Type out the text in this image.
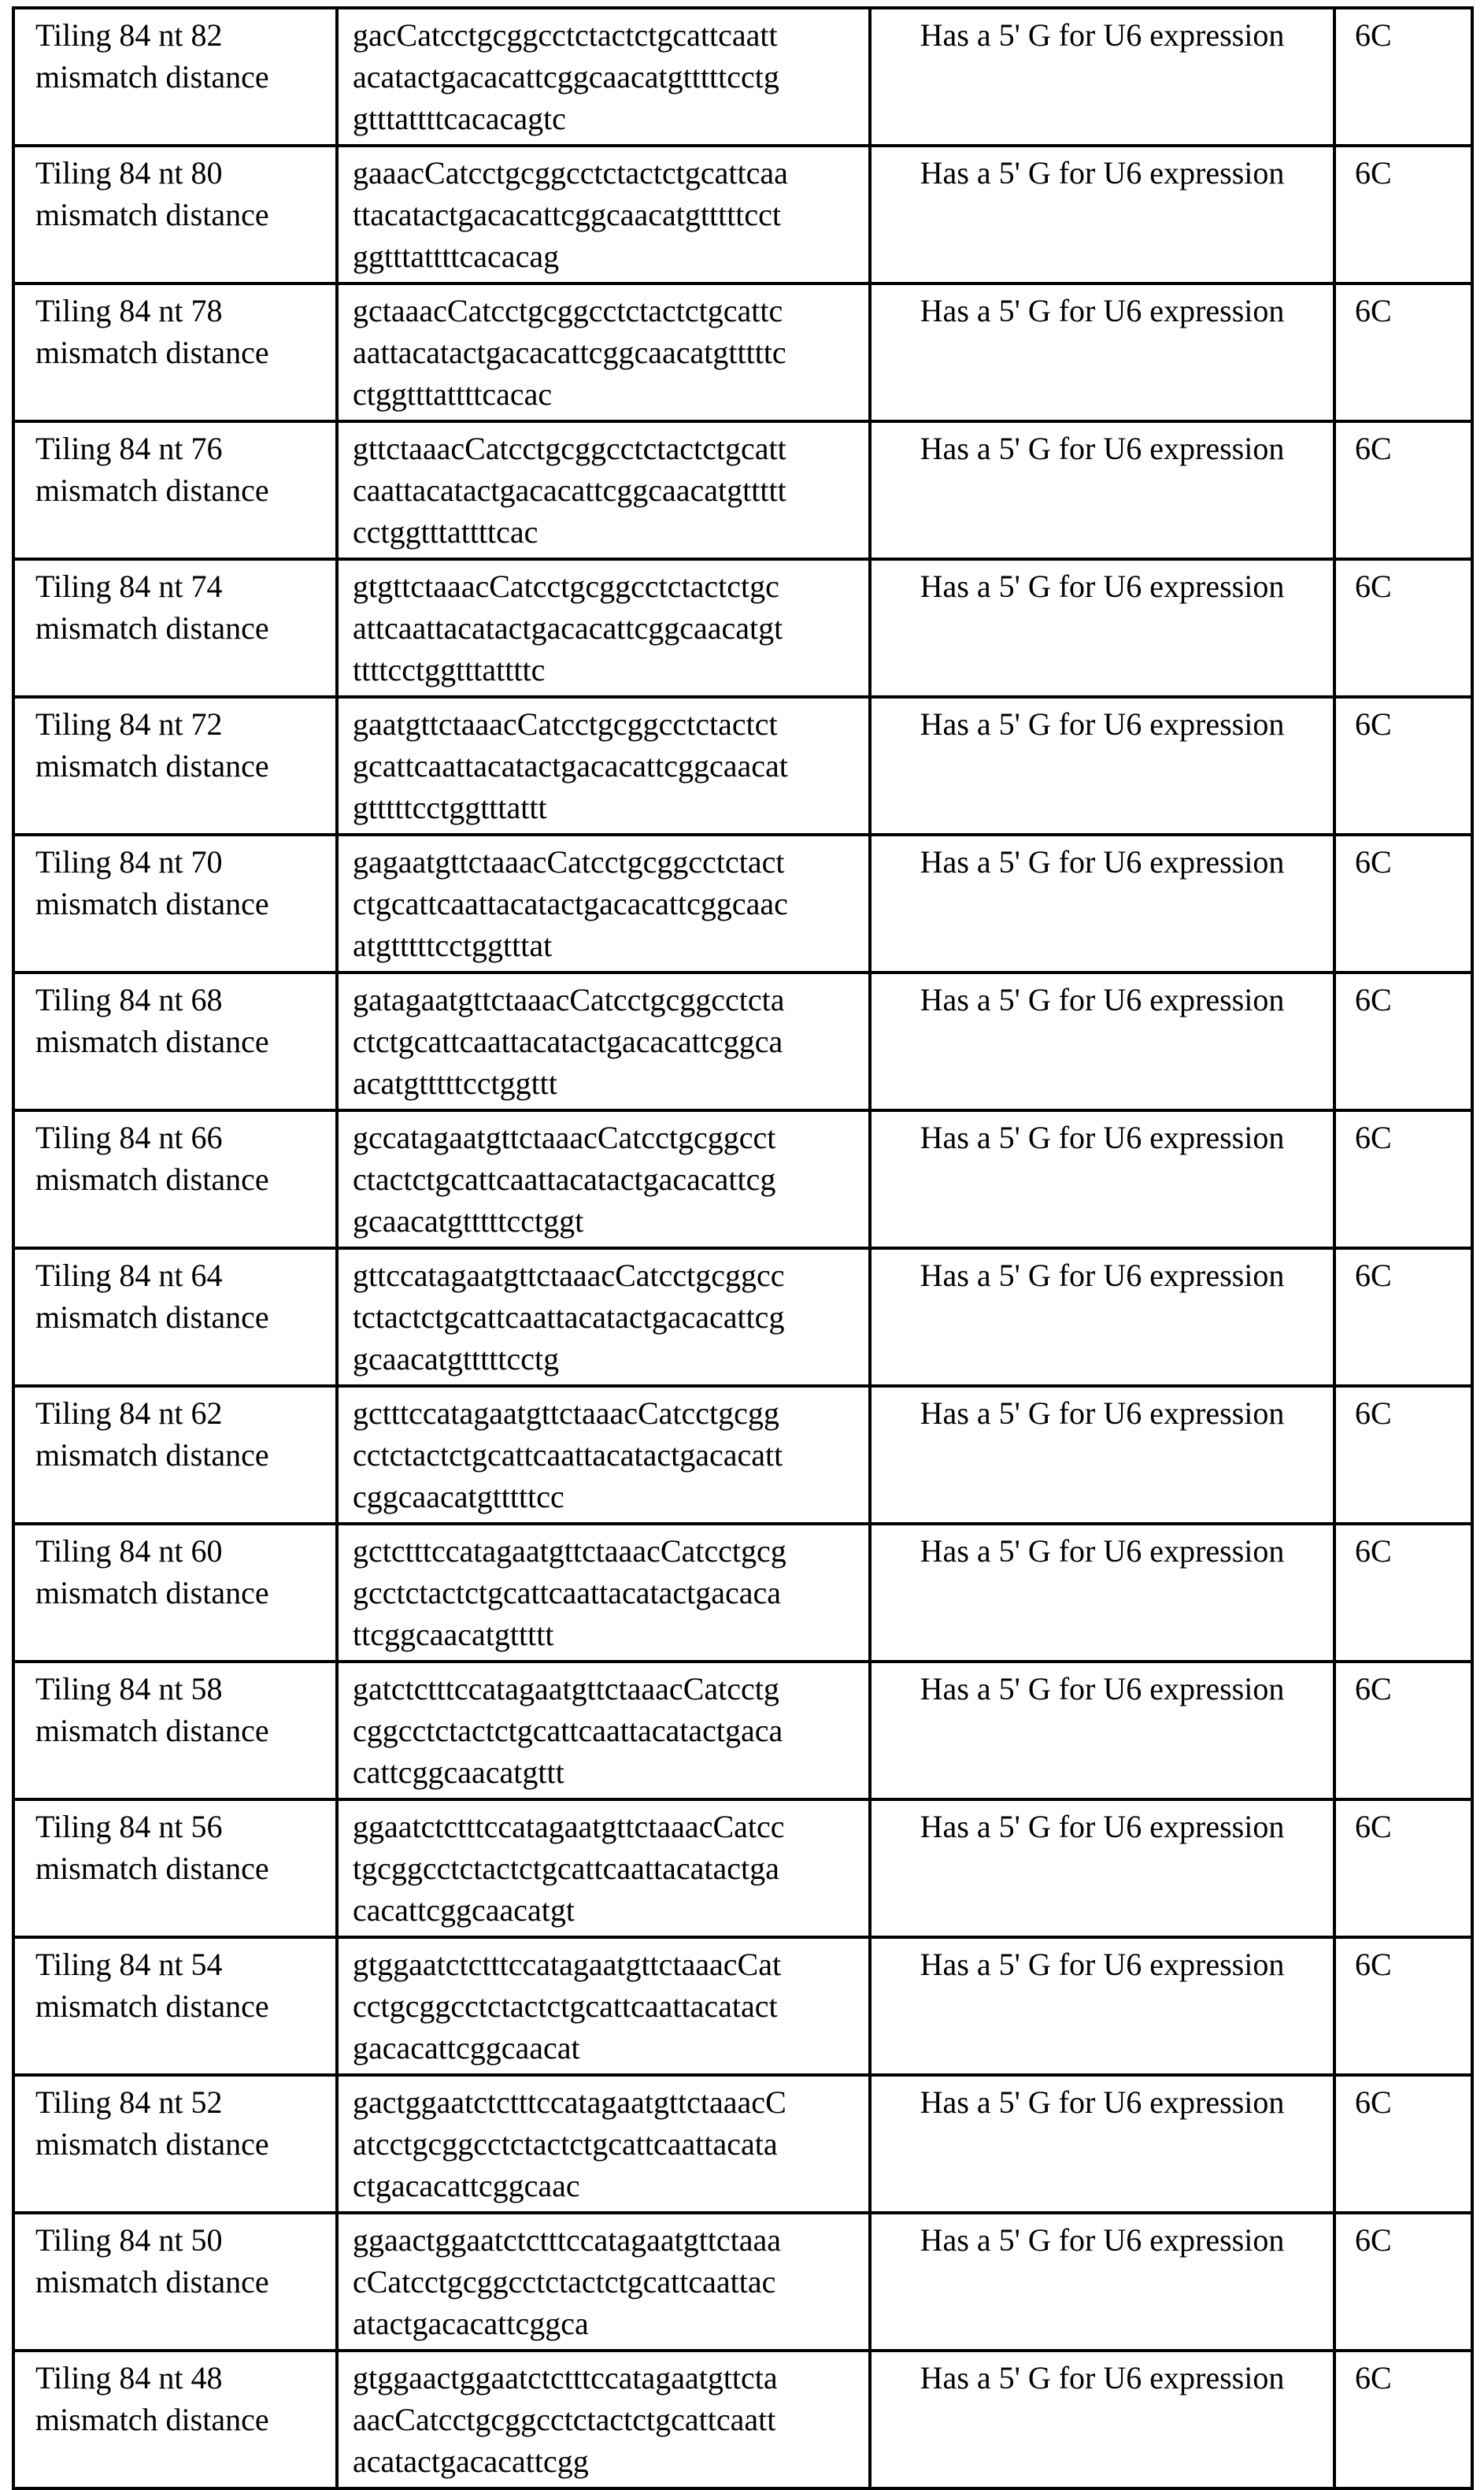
Tiling 84 nt 82
mismatch distance	gacCatcctgcggcctctactctgcattcaatt
acatactgacacattcggcaacatgtttttcctg
gtttattttcacacagtc	Has a 5' G for U6 expression	6C

Tiling 84 nt 80
mismatch distance	gaaacCatcctgcggcctctactctgcattcaa
ttacatactgacacattcggcaacatgtttttcct
ggtttattttcacacag	Has a 5' G for U6 expression	6C

Tiling 84 nt 78
mismatch distance	gctaaacCatcctgcggcctctactctgcattc
aattacatactgacacattcggcaacatgtttttc
ctggtttattttcacac	Has a 5' G for U6 expression	6C

Tiling 84 nt 76
mismatch distance	gttctaaacCatcctgcggcctctactctgcatt
caattacatactgacacattcggcaacatgttttt
cctggtttattttcac	Has a 5' G for U6 expression	6C

Tiling 84 nt 74
mismatch distance	gtgttctaaacCatcctgcggcctctactctgc
attcaattacatactgacacattcggcaacatgt
ttttcctggtttattttc	Has a 5' G for U6 expression	6C

Tiling 84 nt 72
mismatch distance	gaatgttctaaacCatcctgcggcctctactct
gcattcaattacatactgacacattcggcaacat
gtttttcctggtttattt	Has a 5' G for U6 expression	6C

Tiling 84 nt 70
mismatch distance	gagaatgttctaaacCatcctgcggcctctact
ctgcattcaattacatactgacacattcggcaac
atgtttttcctggtttat	Has a 5' G for U6 expression	6C

Tiling 84 nt 68
mismatch distance	gatagaatgttctaaacCatcctgcggcctcta
ctctgcattcaattacatactgacacattcggca
acatgtttttcctggttt	Has a 5' G for U6 expression	6C

Tiling 84 nt 66
mismatch distance	gccatagaatgttctaaacCatcctgcggcct
ctactctgcattcaattacatactgacacattcg
gcaacatgtttttcctggt	Has a 5' G for U6 expression	6C

Tiling 84 nt 64
mismatch distance	gttccatagaatgttctaaacCatcctgcggcc
tctactctgcattcaattacatactgacacattcg
gcaacatgtttttcctg	Has a 5' G for U6 expression	6C

Tiling 84 nt 62
mismatch distance	gctttccatagaatgttctaaacCatcctgcgg
cctctactctgcattcaattacatactgacacatt
cggcaacatgtttttcc	Has a 5' G for U6 expression	6C

Tiling 84 nt 60
mismatch distance	gctctttccatagaatgttctaaacCatcctgcg
gcctctactctgcattcaattacatactgacaca
ttcggcaacatgttttt	Has a 5' G for U6 expression	6C

Tiling 84 nt 58
mismatch distance	gatctctttccatagaatgttctaaacCatcctg
cggcctctactctgcattcaattacatactgaca
cattcggcaacatgttt	Has a 5' G for U6 expression	6C

Tiling 84 nt 56
mismatch distance	ggaatctctttccatagaatgttctaaacCatcc
tgcggcctctactctgcattcaattacatactga
cacattcggcaacatgt	Has a 5' G for U6 expression	6C

Tiling 84 nt 54
mismatch distance	gtggaatctctttccatagaatgttctaaacCat
cctgcggcctctactctgcattcaattacatact
gacacattcggcaacat	Has a 5' G for U6 expression	6C

Tiling 84 nt 52
mismatch distance	gactggaatctctttccatagaatgttctaaacC
atcctgcggcctctactctgcattcaattacata
ctgacacattcggcaac	Has a 5' G for U6 expression	6C

Tiling 84 nt 50
mismatch distance	ggaactggaatctctttccatagaatgttctaaa
cCatcctgcggcctctactctgcattcaattac
atactgacacattcggca	Has a 5' G for U6 expression	6C

Tiling 84 nt 48
mismatch distance	gtggaactggaatctctttccatagaatgttcta
aacCatcctgcggcctctactctgcattcaatt
acatactgacacattcgg	Has a 5' G for U6 expression	6C
